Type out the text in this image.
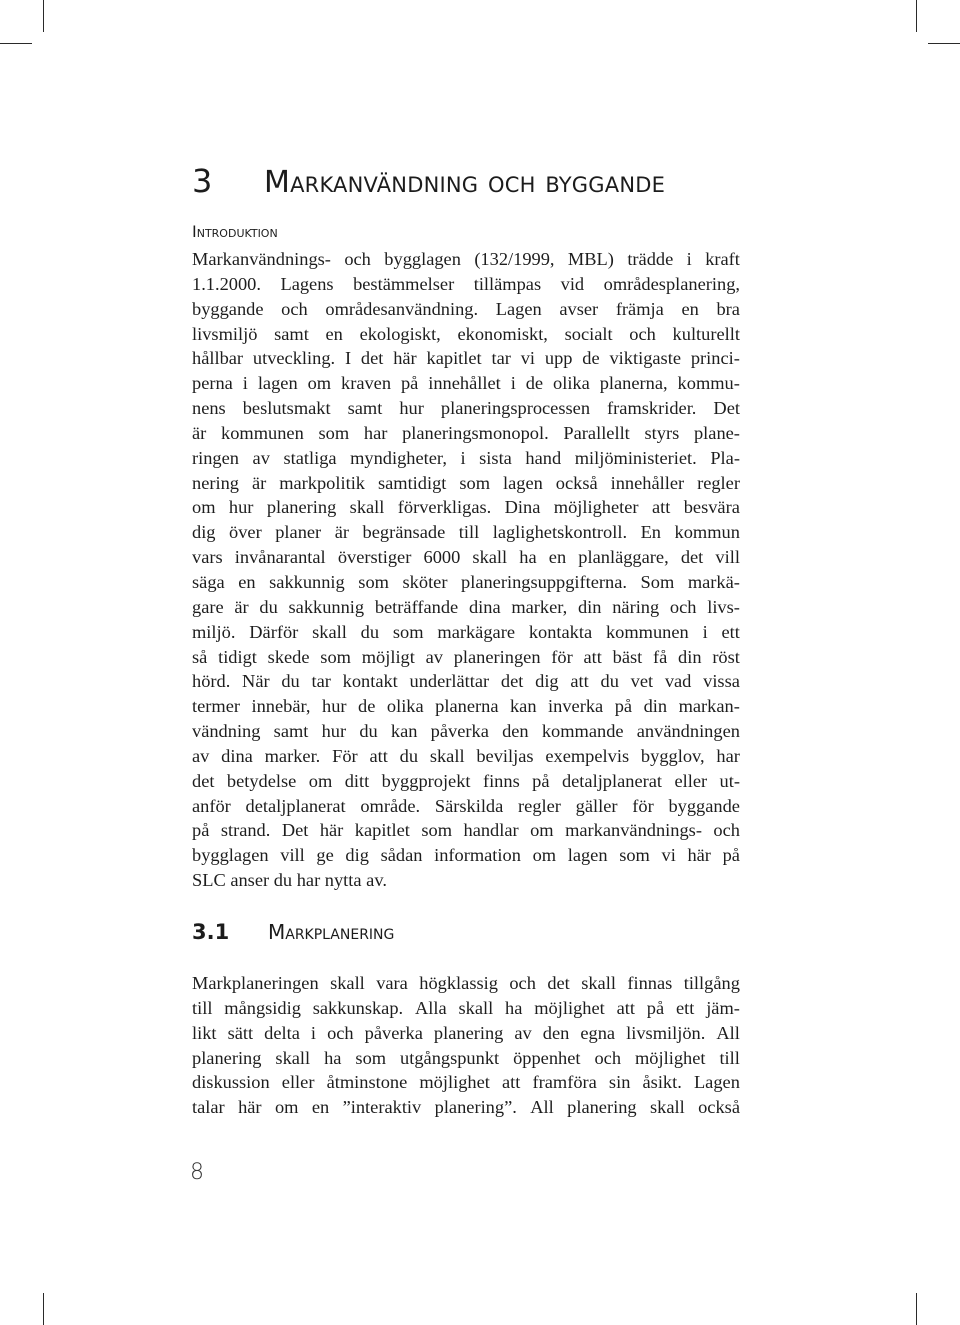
3	Markanvändning och byggande
Introduktion
Markanvändnings- och bygglagen (132/1999, MBL) trädde i kraft
1.1.2000. Lagens bestämmelser tillämpas vid områdesplanering,
byggande och områdesanvändning. Lagen avser främja en bra
livsmiljö samt en ekologiskt, ekonomiskt, socialt och kulturellt
hållbar utveckling. I det här kapitlet tar vi upp de viktigaste princi-
perna i lagen om kraven på innehållet i de olika planerna, kommu-
nens beslutsmakt samt hur planeringsprocessen framskrider. Det
är kommunen som har planeringsmonopol. Parallellt styrs plane-
ringen av statliga myndigheter, i sista hand miljöministeriet. Pla-
nering är markpolitik samtidigt som lagen också innehåller regler
om hur planering skall förverkligas. Dina möjligheter att besvära
dig över planer är begränsade till laglighetskontroll. En kommun
vars invånarantal överstiger 6000 skall ha en planläggare, det vill
säga en sakkunnig som sköter planeringsuppgifterna. Som markä-
gare är du sakkunnig beträffande dina marker, din näring och livs-
miljö. Därför skall du som markägare kontakta kommunen i ett
så tidigt skede som möjligt av planeringen för att bäst få din röst
hörd. När du tar kontakt underlättar det dig att du vet vad vissa
termer innebär, hur de olika planerna kan inverka på din markan-
vändning samt hur du kan påverka den kommande användningen
av dina marker. För att du skall beviljas exempelvis bygglov, har
det betydelse om ditt byggprojekt finns på detaljplanerat eller ut-
anför detaljplanerat område. Särskilda regler gäller för byggande
på strand. Det här kapitlet som handlar om markanvändnings- och
bygglagen vill ge dig sådan information om lagen som vi här på
SLC anser du har nytta av.
3.1	Markplanering
Markplaneringen skall vara högklassig och det skall finnas tillgång
till mångsidig sakkunskap. Alla skall ha möjlighet att på ett jäm-
likt sätt delta i och påverka planering av den egna livsmiljön. All
planering skall ha som utgångspunkt öppenhet och möjlighet till
diskussion eller åtminstone möjlighet att framföra sin åsikt. Lagen
talar här om en ”interaktiv planering”. All planering skall också
8
